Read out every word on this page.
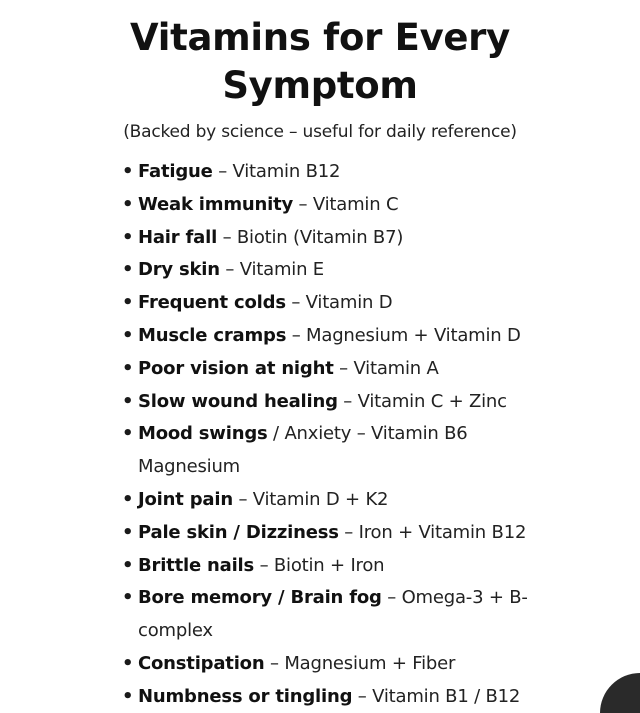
Vitamins for Every
Symptom

(Backed by science – useful for daily reference)

• Fatigue – Vitamin B12
• Weak immunity – Vitamin C
• Hair fall – Biotin (Vitamin B7)
• Dry skin – Vitamin E
• Frequent colds – Vitamin D
• Muscle cramps – Magnesium + Vitamin D
• Poor vision at night – Vitamin A
• Slow wound healing – Vitamin C + Zinc
• Mood swings / Anxiety – Vitamin B6
Magnesium
• Joint pain – Vitamin D + K2
• Pale skin / Dizziness – Iron + Vitamin B12
• Brittle nails – Biotin + Iron
• Bore memory / Brain fog – Omega-3 + B-
complex
• Constipation – Magnesium + Fiber
• Numbness or tingling – Vitamin B1 / B12
